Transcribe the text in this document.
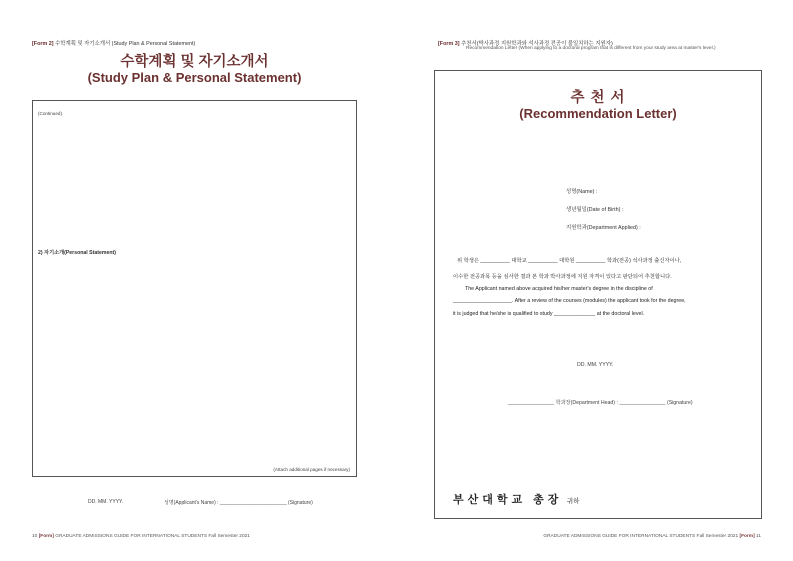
[Form 2] 수학계획 및 자기소개서 (Study Plan & Personal Statement)
수학계획 및 자기소개서
(Study Plan & Personal Statement)
(Continued)
2) 자기소개(Personal Statement)
(Attach additional pages if necessary)
DD. MM. YYYY.	성명(Applicant's Name) : ________________________ (Signature)
[Form 3] 추천서(박사과정 지원학과와 석사과정 전공이 불일치하는 지원자)
Recommendation Letter (When applying to a doctoral program that is different from your study area at master's level.)
추 천 서
(Recommendation Letter)
성명(Name) :
생년월일(Date of Birth) :
지원학과(Department Applied) :
위 학생은 __________ 대학교 __________ 대학원 __________ 학과(전공) 석사과정 출신자이나,
이수한 전공과목 등을 심사한 결과 본 학과 박사과정에 지원 자격이 있다고 판단되어 추천합니다.
The Applicant named above acquired his/her master's degree in the discipline of
____________________. After a review of the courses (modules) the applicant took for the degree,
it is judged that he/she is qualified to study ______________ at the doctoral level.
DD. MM. YYYY.
________________ 학과장(Department Head) : ________________ (Signature)
부산대학교 총장 귀하
10 [Form] GRADUATE ADMISSIONS GUIDE FOR INTERNATIONAL STUDENTS Fall Semester 2021	GRADUATE ADMISSIONS GUIDE FOR INTERNATIONAL STUDENTS Fall Semester 2021 [Form] 11
